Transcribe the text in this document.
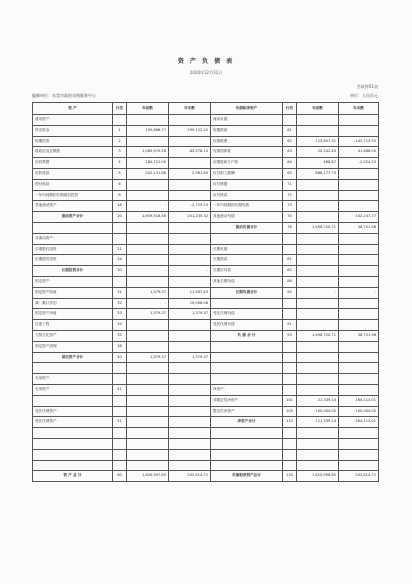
资 产 负 债 表
2020年12月31日
会政财01表
编制单位：东莞市政府采购服务中心	单位：人民币元
资 产	行次	年初数	年末数	负债和净资产	行次	年初数	年末数
流动资产：				流动负债：			
货币资金	1	195,666.77	299,122.25	短期借款	61		
短期投资	2			应缴税费	62	123,807.31	-142,713.55
财政应返还额度	3	1,080,970.28	-83,578.10	应缴国库款	63	20,242.40	41,688.00
应收票据	4	180,721.00		应缴财政专户款	64	468.87	-2,524.53
应收账款	5	202,131.86	2,961.84	应付职工薪酬	65	886,177.73	
预付账款	6			应付票据	71		
一年内到期的长期债权投资	8			应付账款	72		
其他流动资产	18	-	-2,729.23	一年内到期的长期负债	73		
流动资产合计	20	1,659,516.46	201,235.32	其他流动负债	74		102,247.77
				流动负债合计	78	1,496,720.71	38,701.98
非流动资产：							
长期股权投资	21			长期负债：			
长期债券投资	24			长期借款	81		
长期投资合计	30	-	-	长期应付款	82		
固定资产：				其他长期负债	88		
固定资产原值	31	1,379.37	11,587.43	长期负债合计	90	-	-
减：累计折旧	32	-	10,008.06				
固定资产净值	33	1,379.37	1,379.37	受托代理负债			
在建工程	34			受托代理负债	91		
文物文化资产	35			负 债 合 计	93	1,496,720.71	38,701.98
固定资产清理	38						
固定资产合计	40	1,379.37	1,379.37				

无形资产：							
无形资产	41			净资产：			
				非限定性净资产	101	21,339.14	164,113.01
受托代理资产：				限定性净资产	105	100,000.00	100,000.00
受托代理资产	51			净资产合计	110	121,339.14	264,113.01

资 产 总 计	60	1,620,997.85	202,614.72	负债和净资产总计	120	1,620,998.85	202,814.72
